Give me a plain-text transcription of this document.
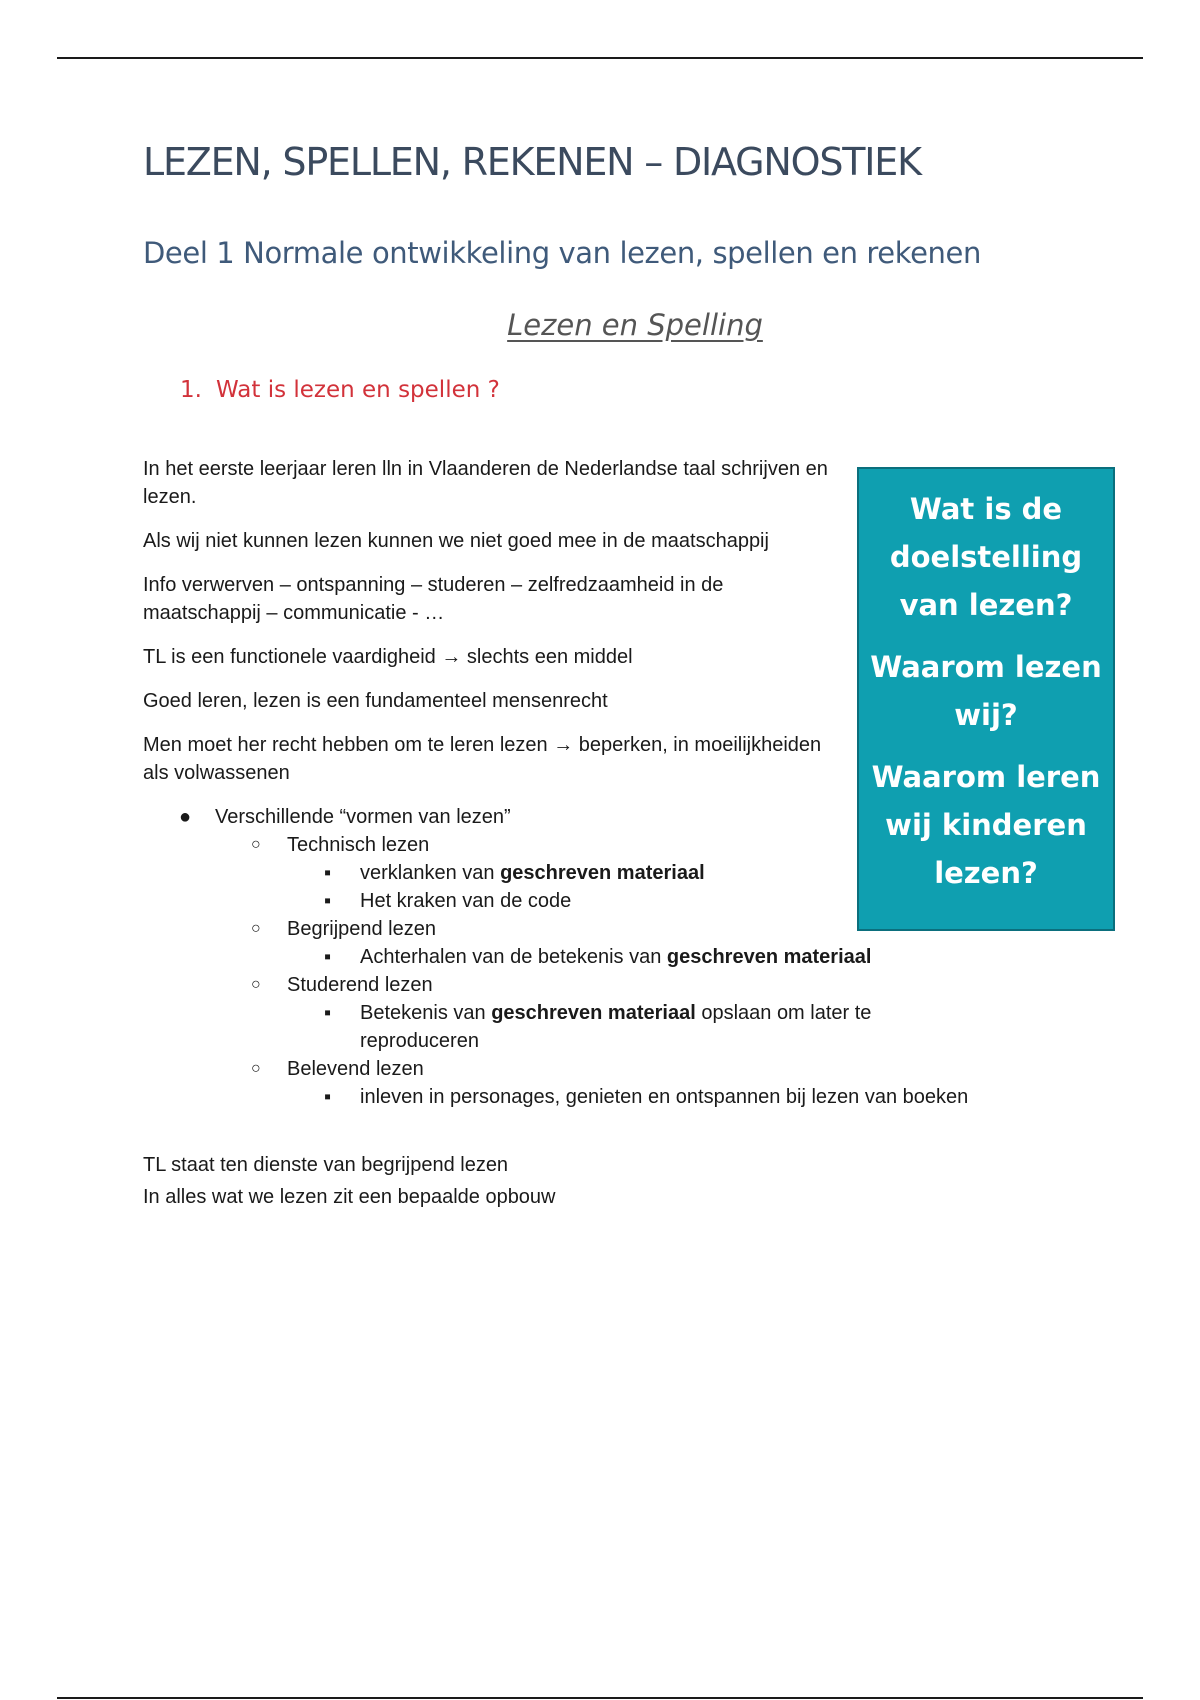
LEZEN, SPELLEN, REKENEN – DIAGNOSTIEK
Deel 1 Normale ontwikkeling van lezen, spellen en rekenen
Lezen en Spelling
1. Wat is lezen en spellen ?

In het eerste leerjaar leren lln in Vlaanderen de Nederlandse taal schrijven en lezen.

Als wij niet kunnen lezen kunnen we niet goed mee in de maatschappij

Info verwerven – ontspanning – studeren – zelfredzaamheid in de maatschappij – communicatie - …

TL is een functionele vaardigheid → slechts een middel

Goed leren, lezen is een fundamenteel mensenrecht

Men moet her recht hebben om te leren lezen → beperken, in moeilijkheiden als volwassenen

● Verschillende “vormen van lezen”
○ Technisch lezen
▪ verklanken van geschreven materiaal
▪ Het kraken van de code
○ Begrijpend lezen
▪ Achterhalen van de betekenis van geschreven materiaal
○ Studerend lezen
▪ Betekenis van geschreven materiaal opslaan om later te reproduceren
○ Belevend lezen
▪ inleven in personages, genieten en ontspannen bij lezen van boeken

TL staat ten dienste van begrijpend lezen

In alles wat we lezen zit een bepaalde opbouw

Wat is de doelstelling van lezen?

Waarom lezen wij?

Waarom leren wij kinderen lezen?
